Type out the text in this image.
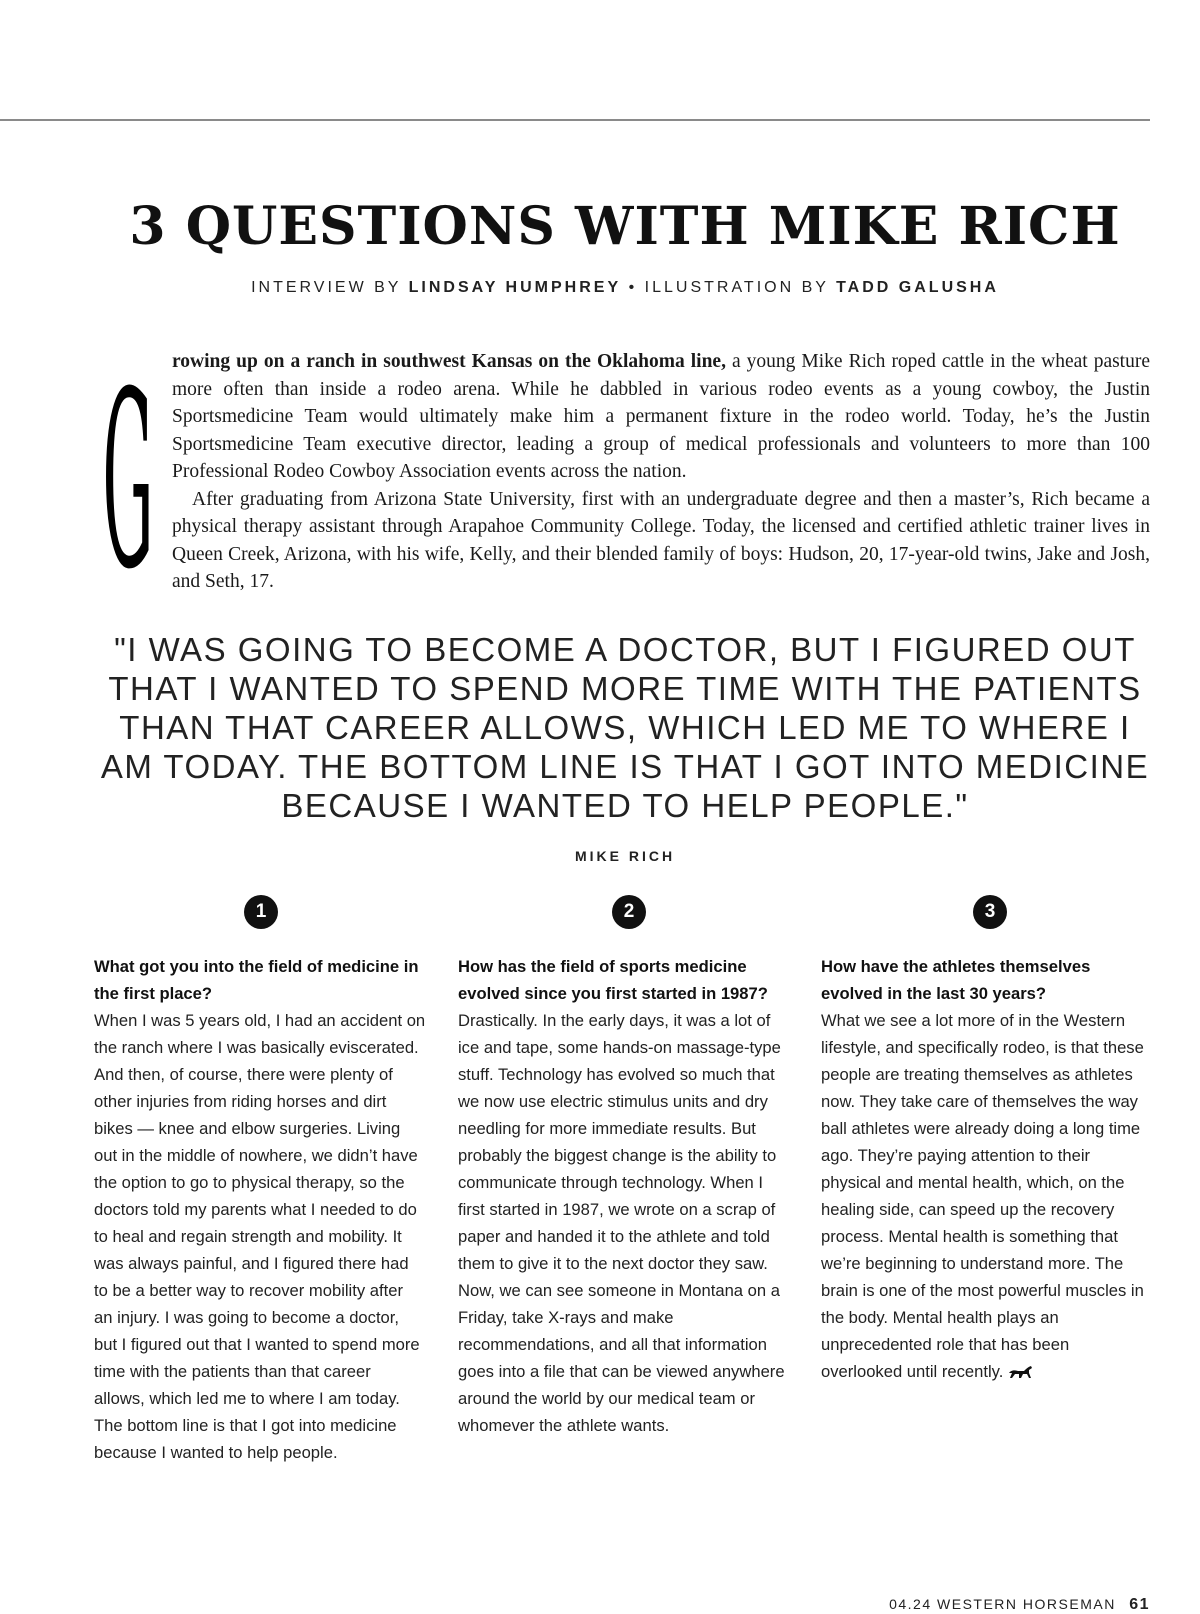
3 QUESTIONS WITH MIKE RICH
INTERVIEW BY LINDSAY HUMPHREY • ILLUSTRATION BY TADD GALUSHA
G rowing up on a ranch in southwest Kansas on the Oklahoma line, a young Mike Rich roped cattle in the wheat pasture more often than inside a rodeo arena. While he dabbled in various rodeo events as a young cowboy, the Justin Sportsmedicine Team would ultimately make him a permanent fixture in the rodeo world. Today, he’s the Justin Sportsmedicine Team executive director, leading a group of medical professionals and volunteers to more than 100 Professional Rodeo Cowboy Association events across the nation.

After graduating from Arizona State University, first with an undergraduate degree and then a master’s, Rich became a physical therapy assistant through Arapahoe Community College. Today, the licensed and certified athletic trainer lives in Queen Creek, Arizona, with his wife, Kelly, and their blended family of boys: Hudson, 20, 17-year-old twins, Jake and Josh, and Seth, 17.

"I WAS GOING TO BECOME A DOCTOR, BUT I FIGURED OUT THAT I WANTED TO SPEND MORE TIME WITH THE PATIENTS THAN THAT CAREER ALLOWS, WHICH LED ME TO WHERE I AM TODAY. THE BOTTOM LINE IS THAT I GOT INTO MEDICINE BECAUSE I WANTED TO HELP PEOPLE."
MIKE RICH
1

What got you into the field of medicine in the first place?

When I was 5 years old, I had an accident on the ranch where I was basically eviscerated. And then, of course, there were plenty of other injuries from riding horses and dirt bikes — knee and elbow surgeries. Living out in the middle of nowhere, we didn’t have the option to go to physical therapy, so the doctors told my parents what I needed to do to heal and regain strength and mobility. It was always painful, and I figured there had to be a better way to recover mobility after an injury. I was going to become a doctor, but I figured out that I wanted to spend more time with the patients than that career allows, which led me to where I am today. The bottom line is that I got into medicine because I wanted to help people.

2

How has the field of sports medicine evolved since you first started in 1987?

Drastically. In the early days, it was a lot of ice and tape, some hands-on massage-type stuff. Technology has evolved so much that we now use electric stimulus units and dry needling for more immediate results. But probably the biggest change is the ability to communicate through technology. When I first started in 1987, we wrote on a scrap of paper and handed it to the athlete and told them to give it to the next doctor they saw. Now, we can see someone in Montana on a Friday, take X-rays and make recommendations, and all that information goes into a file that can be viewed anywhere around the world by our medical team or whomever the athlete wants.

3

How have the athletes themselves evolved in the last 30 years?

What we see a lot more of in the Western lifestyle, and specifically rodeo, is that these people are treating themselves as athletes now. They take care of themselves the way ball athletes were already doing a long time ago. They’re paying attention to their physical and mental health, which, on the healing side, can speed up the recovery process. Mental health is something that we’re beginning to understand more. The brain is one of the most powerful muscles in the body. Mental health plays an unprecedented role that has been overlooked until recently.

04.24 WESTERN HORSEMAN 61
